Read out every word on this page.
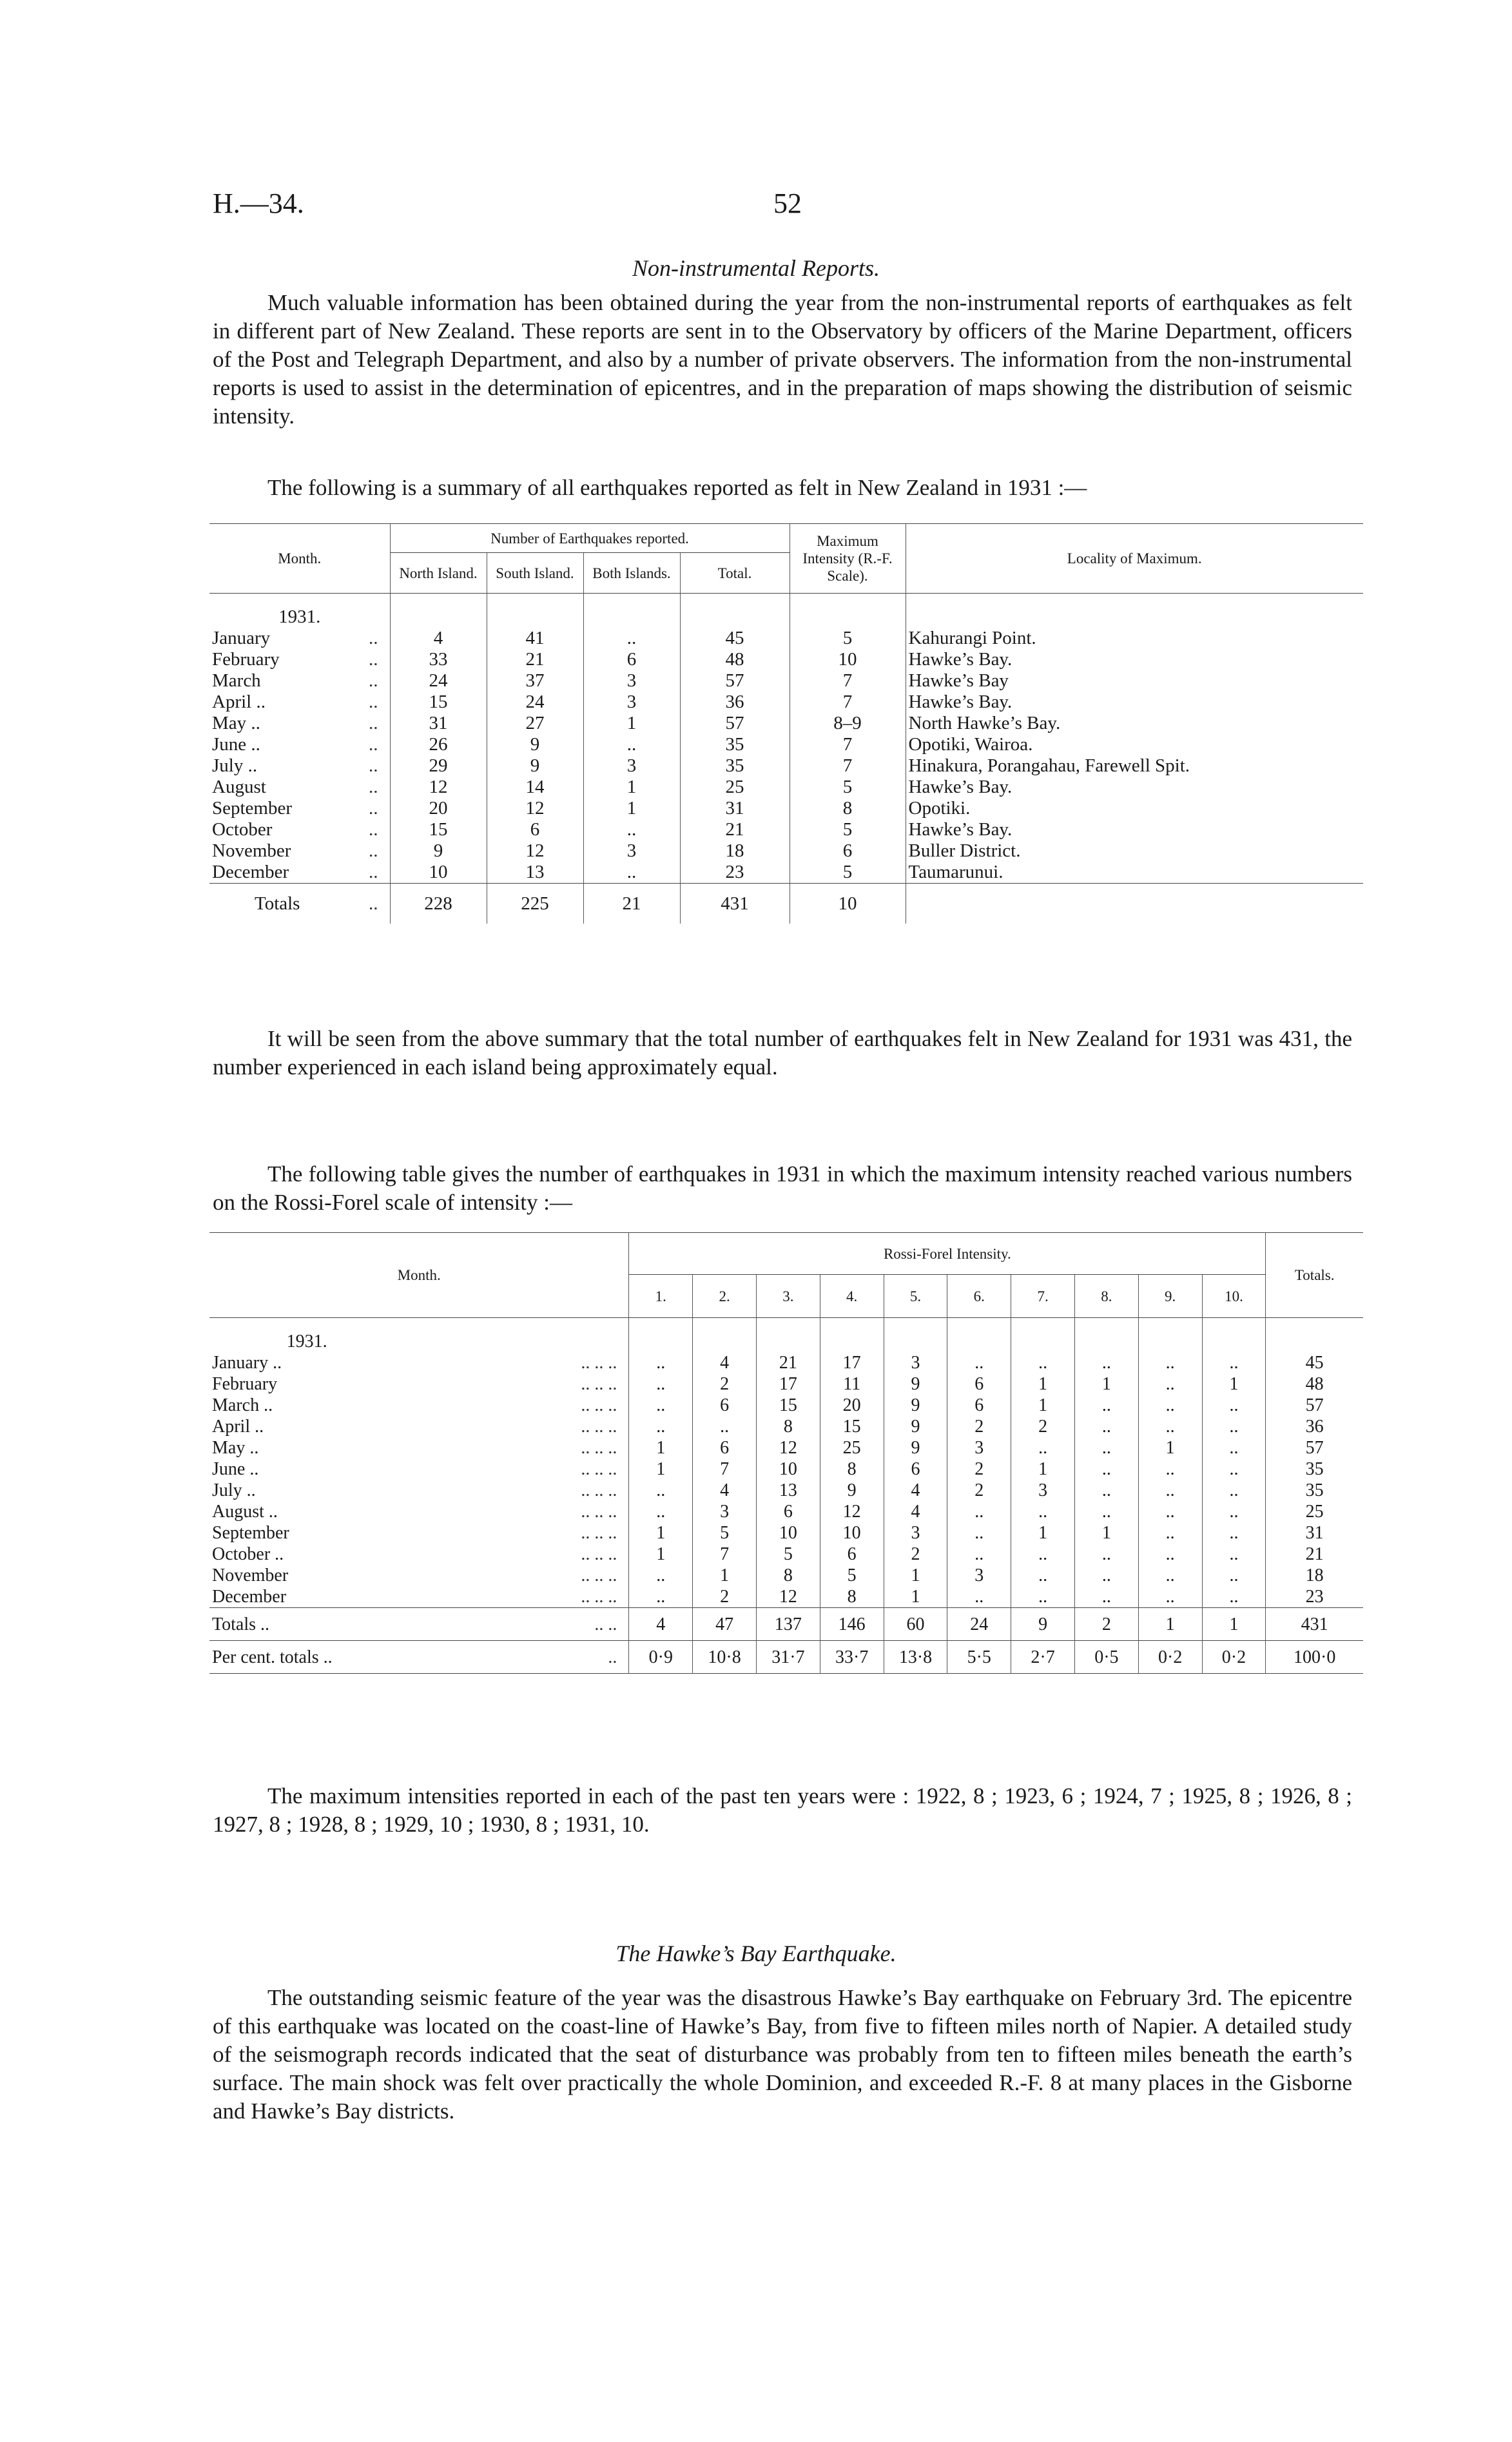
H.—34.	52
Non-instrumental Reports.

Much valuable information has been obtained during the year from the non-instrumental reports of earthquakes as felt in different part of New Zealand. These reports are sent in to the Observatory by officers of the Marine Department, officers of the Post and Telegraph Department, and also by a number of private observers. The information from the non-instrumental reports is used to assist in the determination of epicentres, and in the preparation of maps showing the distribution of seismic intensity.

The following is a summary of all earthquakes reported as felt in New Zealand in 1931 :—

Month.		Number of Earthquakes reported.				Maximum Intensity (R.-F. Scale).	Locality of Maximum.
		North Island.	South Island.	Both Islands.	Total.		

1931.							
January	..	4	41	..	45	5	Kahurangi Point.
February	..	33	21	6	48	10	Hawke’s Bay.
March	..	24	37	3	57	7	Hawke’s Bay
April ..	..	15	24	3	36	7	Hawke’s Bay.
May ..	..	31	27	1	57	8–9	North Hawke’s Bay.
June ..	..	26	9	..	35	7	Opotiki, Wairoa.
July ..	..	29	9	3	35	7	Hinakura, Porangahau, Farewell Spit.
August	..	12	14	1	25	5	Hawke’s Bay.
September	..	20	12	1	31	8	Opotiki.
October	..	15	6	..	21	5	Hawke’s Bay.
November	..	9	12	3	18	6	Buller District.
December	..	10	13	..	23	5	Taumarunui.
Totals	..	228	225	21	431	10	

It will be seen from the above summary that the total number of earthquakes felt in New Zealand for 1931 was 431, the number experienced in each island being approximately equal.

The following table gives the number of earthquakes in 1931 in which the maximum intensity reached various numbers on the Rossi-Forel scale of intensity :—

Month.		Rossi-Forel Intensity.										Totals.
		1.	2.	3.	4.	5.	6.	7.	8.	9.	10.	

1931.												
January ..	.. .. ..	..	4	21	17	3	..	..	..	..	..	45
February	.. .. ..	..	2	17	11	9	6	1	1	..	1	48
March ..	.. .. ..	..	6	15	20	9	6	1	..	..	..	57
April ..	.. .. ..	..	..	8	15	9	2	2	..	..	..	36
May ..	.. .. ..	1	6	12	25	9	3	..	..	1	..	57
June ..	.. .. ..	1	7	10	8	6	2	1	..	..	..	35
July ..	.. .. ..	..	4	13	9	4	2	3	..	..	..	35
August ..	.. .. ..	..	3	6	12	4	..	..	..	..	..	25
September	.. .. ..	1	5	10	10	3	..	1	1	..	..	31
October ..	.. .. ..	1	7	5	6	2	..	..	..	..	..	21
November	.. .. ..	..	1	8	5	1	3	..	..	..	..	18
December	.. .. ..	..	2	12	8	1	..	..	..	..	..	23
Totals ..	.. ..	4	47	137	146	60	24	9	2	1	1	431
Per cent. totals ..	..	0·9	10·8	31·7	33·7	13·8	5·5	2·7	0·5	0·2	0·2	100·0

The maximum intensities reported in each of the past ten years were : 1922, 8 ; 1923, 6 ; 1924, 7 ; 1925, 8 ; 1926, 8 ; 1927, 8 ; 1928, 8 ; 1929, 10 ; 1930, 8 ; 1931, 10.

The Hawke’s Bay Earthquake.

The outstanding seismic feature of the year was the disastrous Hawke’s Bay earthquake on February 3rd. The epicentre of this earthquake was located on the coast-line of Hawke’s Bay, from five to fifteen miles north of Napier. A detailed study of the seismograph records indicated that the seat of disturbance was probably from ten to fifteen miles beneath the earth’s surface. The main shock was felt over practically the whole Dominion, and exceeded R.-F. 8 at many places in the Gisborne and Hawke’s Bay districts.
